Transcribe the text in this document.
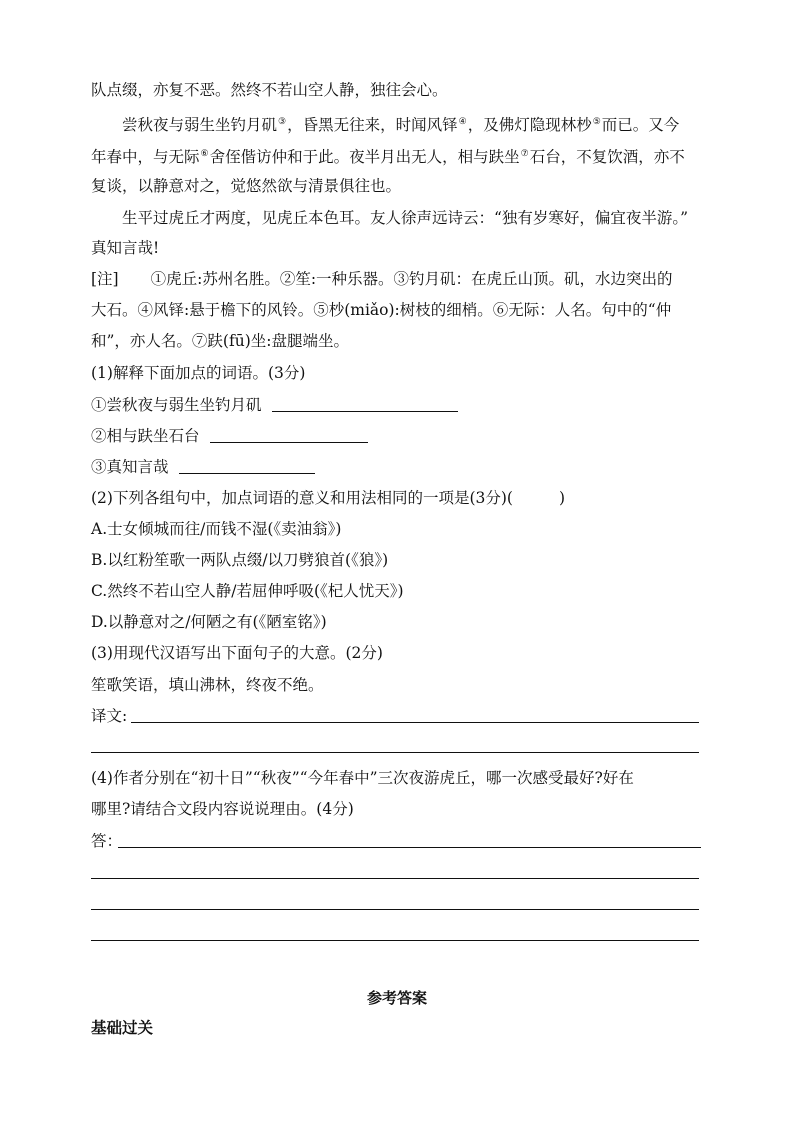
队点缀，亦复不恶。然终不若山空人静，独往会心。
尝秋夜与弱生坐钓月矶③，昏黑无往来，时闻风铎④，及佛灯隐现林杪⑤而已。又今
年春中，与无际⑥舍侄偕访仲和于此。夜半月出无人，相与趺坐⑦石台，不复饮酒，亦不
复谈，以静意对之，觉悠然欲与清景俱往也。
生平过虎丘才两度，见虎丘本色耳。友人徐声远诗云：“独有岁寒好，偏宜夜半游。”
真知言哉!
[注] ①虎丘:苏州名胜。②笙:一种乐器。③钓月矶：在虎丘山顶。矶，水边突出的
大石。④风铎:悬于檐下的风铃。⑤杪(miǎo):树枝的细梢。⑥无际：人名。句中的“仲
和”，亦人名。⑦趺(fū)坐:盘腿端坐。
(1)解释下面加点的词语。(3分)
①尝秋夜与弱生坐钓月矶
②相与趺坐石台
③真知言哉
(2)下列各组句中，加点词语的意义和用法相同的一项是(3分)(	)
A.士女倾城而往/而钱不湿(《卖油翁》)
B.以红粉笙歌一两队点缀/以刀劈狼首(《狼》)
C.然终不若山空人静/若屈伸呼吸(《杞人忧天》)
D.以静意对之/何陋之有(《陋室铭》)
(3)用现代汉语写出下面句子的大意。(2分)
笙歌笑语，填山沸林，终夜不绝。
译文:
(4)作者分别在“初十日”“秋夜”“今年春中”三次夜游虎丘，哪一次感受最好?好在
哪里?请结合文段内容说说理由。(4分)
答：
参考答案
基础过关
